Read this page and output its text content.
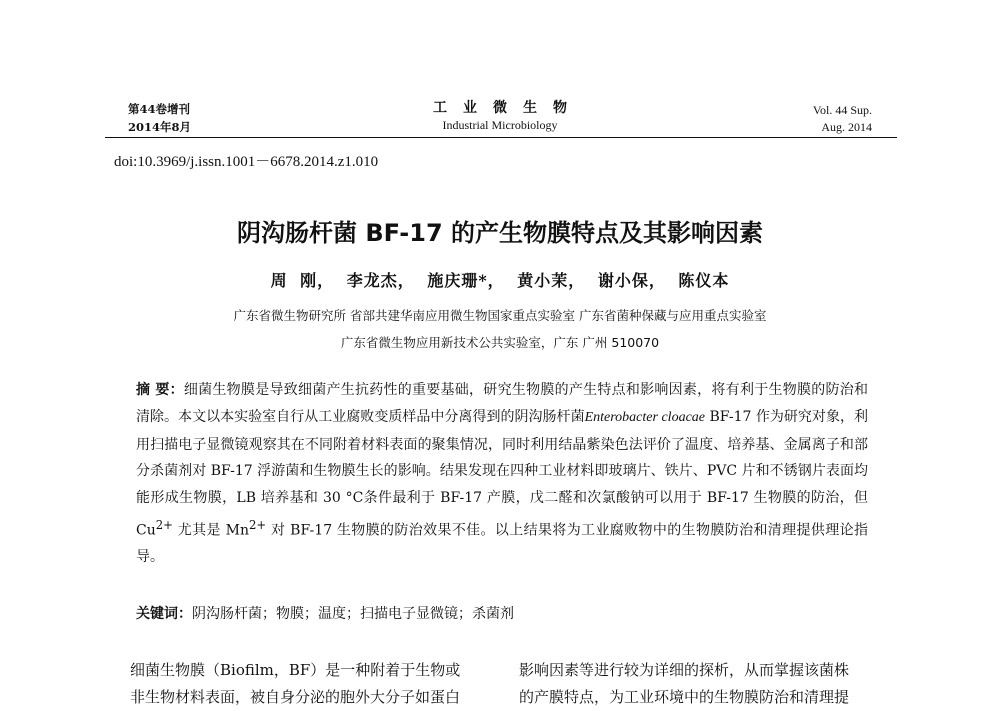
第44卷增刊
2014年8月
工业微生物
Industrial Microbiology
Vol. 44 Sup.
Aug. 2014
doi:10.3969/j.issn.1001－6678.2014.z1.010
阴沟肠杆菌 BF-17 的产生物膜特点及其影响因素
周 刚， 李龙杰， 施庆珊*， 黄小茉， 谢小保， 陈仪本
广东省微生物研究所 省部共建华南应用微生物国家重点实验室 广东省菌种保藏与应用重点实验室
广东省微生物应用新技术公共实验室，广东 广州 510070
摘 要：细菌生物膜是导致细菌产生抗药性的重要基础，研究生物膜的产生特点和影响因素，将有利于生物膜的防治和清除。本文以本实验室自行从工业腐败变质样品中分离得到的阴沟肠杆菌Enterobacter cloacae BF-17 作为研究对象，利用扫描电子显微镜观察其在不同附着材料表面的聚集情况，同时利用结晶紫染色法评价了温度、培养基、金属离子和部分杀菌剂对 BF-17 浮游菌和生物膜生长的影响。结果发现在四种工业材料即玻璃片、铁片、PVC 片和不锈钢片表面均能形成生物膜，LB 培养基和 30 °C条件最利于 BF-17 产膜，戊二醛和次氯酸钠可以用于 BF-17 生物膜的防治，但 $Cu^{2+}$ 尤其是 $Mn^{2+}$ 对 BF-17 生物膜的防治效果不佳。以上结果将为工业腐败物中的生物膜防治和清理提供理论指导。
关键词：阴沟肠杆菌；物膜；温度；扫描电子显微镜；杀菌剂
细菌生物膜（Biofilm，BF）是一种附着于生物或
非生物材料表面，被自身分泌的胞外大分子如蛋白
影响因素等进行较为详细的探析，从而掌握该菌株
的产膜特点，为工业环境中的生物膜防治和清理提
